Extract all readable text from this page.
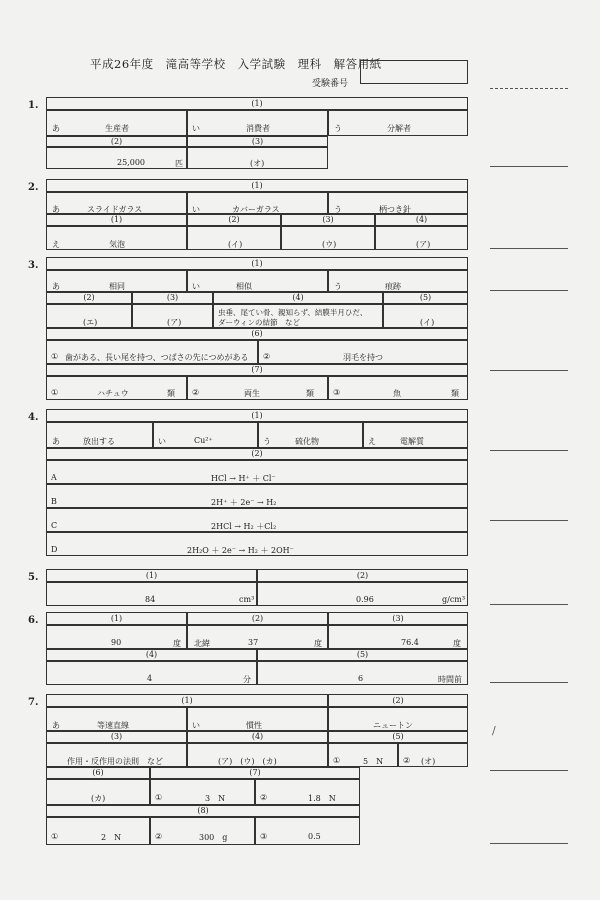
平成26年度　滝高等学校　入学試験　理科　解答用紙
受験番号
1.	(1)
あ	生産者	い	消費者	う	分解者
(2)	(3)
25,000	匹	(オ)
2.	(1)
あ	スライドガラス	い	カバーガラス	う	柄つき針
(1)	(2)	(3)	(4)
え	気泡	(イ)	(ウ)	(ア)
3.	(1)
あ	相同	い	相似	う	痕跡
(2)	(3)	(4)	(5)
(エ)	(ア)
虫垂、尾てい骨、親知らず、結膜半月ひだ、
ダーウィンの結節　など	(イ)
(6)
① 歯がある、長い尾を持つ、つばさの先につめがある ②	羽毛を持つ
(7)
①	ハチュウ	類 ②	両生	類 ③	魚	類
4.	(1)
あ	放出する	い	Cu²⁺	う	硫化物	え	電解質
(2)
A	HCl → H⁺ ＋ Cl⁻
B	2H⁺ ＋ 2e⁻ → H₂
C	2HCl → H₂ ＋Cl₂
D	2H₂O ＋ 2e⁻ → H₂ ＋ 2OH⁻
5.	(1)	(2)
84	cm³	0.96	g/cm³
6.	(1)	(2)	(3)
90	度 北緯	37	度	76.4	度
(4)	(5)
4	分	6	時間前
7.	(1)	(2)
あ	等速直線	い	慣性	ニュートン
(3)	(4)	(5)
作用・反作用の法則　など	(ア)　(ウ)　(カ)	①	5　N ② (オ)
(6)	(7)
(カ)	①	3　N	②	1.8　N
(8)
①	2　N	②	300　g	③	0.5
/
